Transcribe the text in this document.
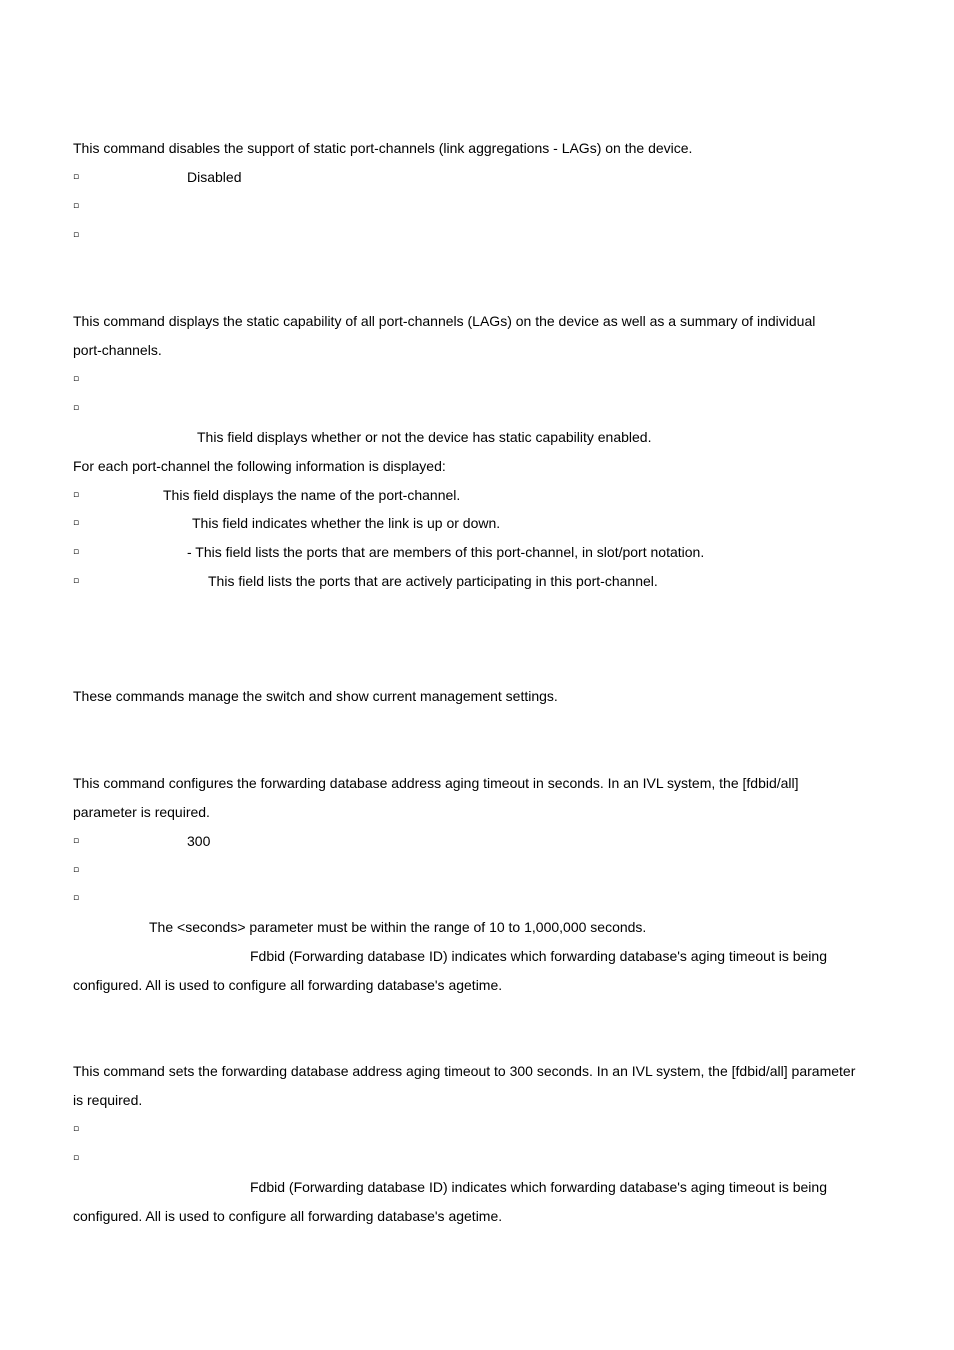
This command disables the support of static port-channels (link aggregations - LAGs) on the device.
▫	Disabled
▫
▫
This command displays the static capability of all port-channels (LAGs) on the device as well as a summary of individual
port-channels.
▫
▫
This field displays whether or not the device has static capability enabled.
For each port-channel the following information is displayed:
▫	This field displays the name of the port-channel.
▫	This field indicates whether the link is up or down.
▫	- This field lists the ports that are members of this port-channel, in slot/port notation.
▫	This field lists the ports that are actively participating in this port-channel.
These commands manage the switch and show current management settings.
This command configures the forwarding database address aging timeout in seconds. In an IVL system, the [fdbid/all]
parameter is required.
▫	300
▫
▫
The <seconds> parameter must be within the range of 10 to 1,000,000 seconds.
Fdbid (Forwarding database ID) indicates which forwarding database's aging timeout is being
configured. All is used to configure all forwarding database's agetime.
This command sets the forwarding database address aging timeout to 300 seconds. In an IVL system, the [fdbid/all] parameter
is required.
▫
▫
Fdbid (Forwarding database ID) indicates which forwarding database's aging timeout is being
configured. All is used to configure all forwarding database's agetime.
